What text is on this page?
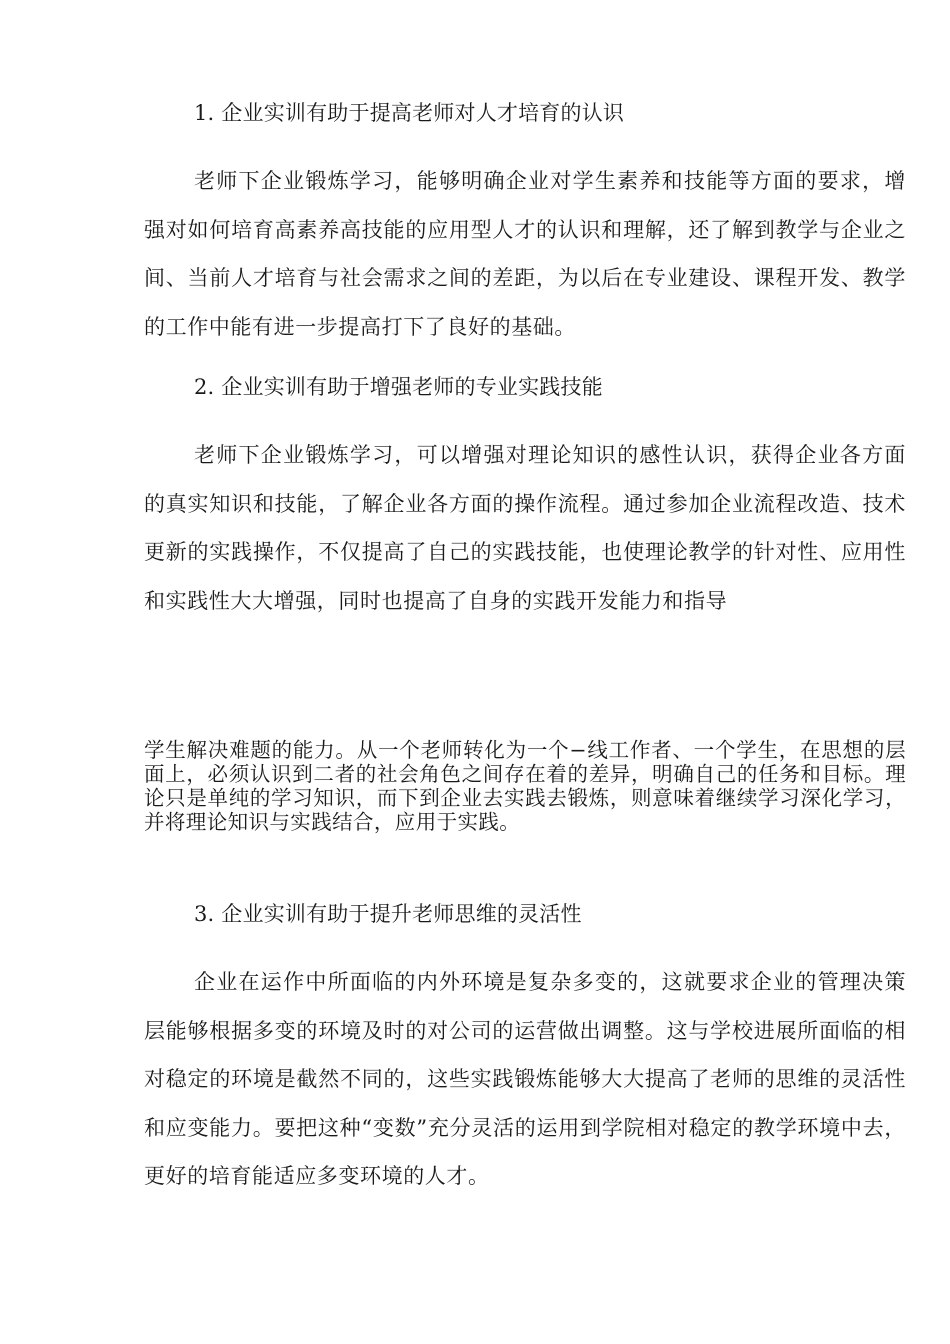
1. 企业实训有助于提高老师对人才培育的认识

老师下企业锻炼学习，能够明确企业对学生素养和技能等方面的要求，增强对如何培育高素养高技能的应用型人才的认识和理解，还了解到教学与企业之间、当前人才培育与社会需求之间的差距，为以后在专业建设、课程开发、教学的工作中能有进一步提高打下了良好的基础。

2. 企业实训有助于增强老师的专业实践技能

老师下企业锻炼学习，可以增强对理论知识的感性认识，获得企业各方面的真实知识和技能，了解企业各方面的操作流程。通过参加企业流程改造、技术更新的实践操作，不仅提高了自己的实践技能，也使理论教学的针对性、应用性和实践性大大增强，同时也提高了自身的实践开发能力和指导

学生解决难题的能力。从一个老师转化为一个−线工作者、一个学生，在思想的层面上，必须认识到二者的社会角色之间存在着的差异，明确自己的任务和目标。理论只是单纯的学习知识，而下到企业去实践去锻炼，则意味着继续学习深化学习，并将理论知识与实践结合，应用于实践。

3. 企业实训有助于提升老师思维的灵活性

企业在运作中所面临的内外环境是复杂多变的，这就要求企业的管理决策层能够根据多变的环境及时的对公司的运营做出调整。这与学校进展所面临的相对稳定的环境是截然不同的，这些实践锻炼能够大大提高了老师的思维的灵活性和应变能力。要把这种“变数”充分灵活的运用到学院相对稳定的教学环境中去，更好的培育能适应多变环境的人才。
